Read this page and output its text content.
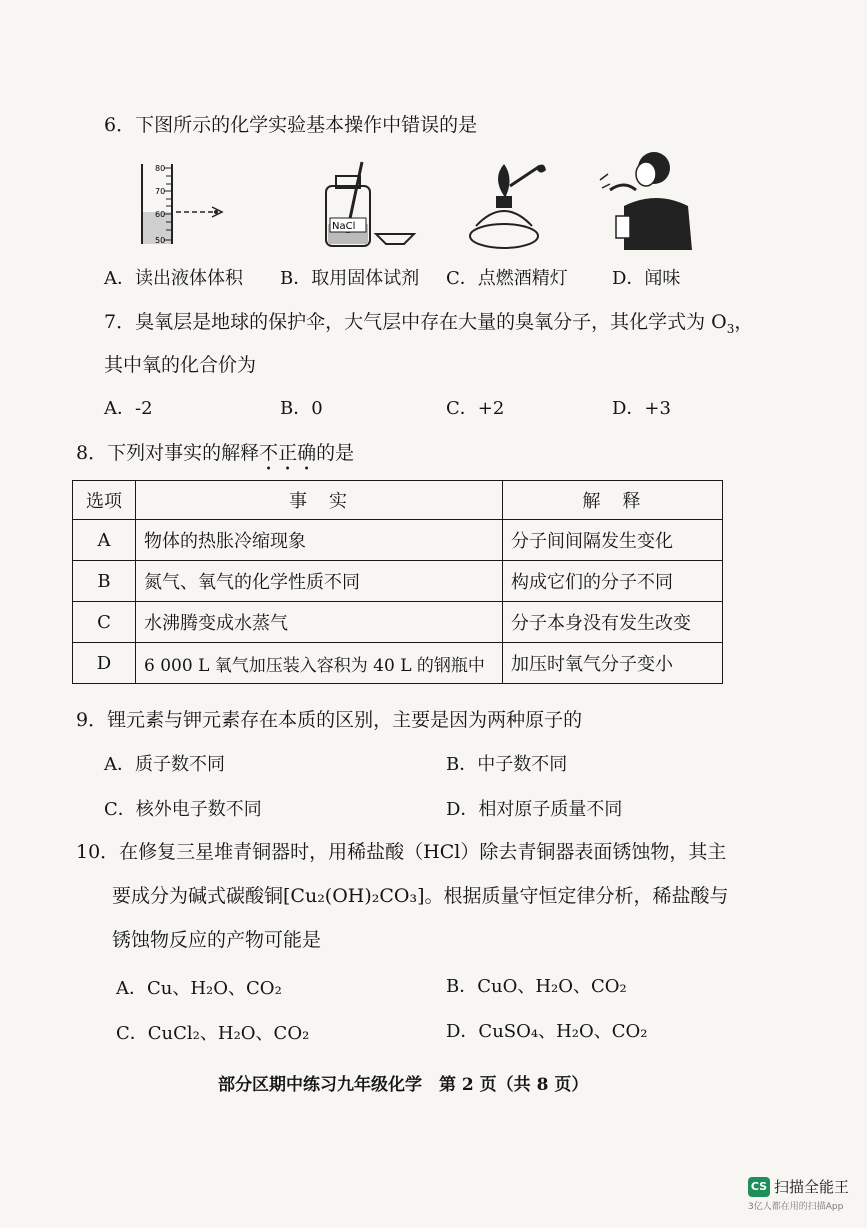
6．下图所示的化学实验基本操作中错误的是
80
70
60
50
NaCl
A．读出液体体积 B．取用固体试剂 C．点燃酒精灯 D．闻味
7．臭氧层是地球的保护伞，大气层中存在大量的臭氧分子，其化学式为 $O_3$，
其中氧的化合价为
A．-2	B．0	C．+2	D．+3
8．下列对事实的解释不正确的是
选项	事　实	解　释
A	物体的热胀冷缩现象	分子间间隔发生变化
B	氮气、氧气的化学性质不同	构成它们的分子不同
C	水沸腾变成水蒸气	分子本身没有发生改变
D	6 000 L 氧气加压装入容积为 40 L 的钢瓶中	加压时氧气分子变小
9．锂元素与钾元素存在本质的区别，主要是因为两种原子的
A．质子数不同	B．中子数不同
C．核外电子数不同	D．相对原子质量不同
10．在修复三星堆青铜器时，用稀盐酸（HCl）除去青铜器表面锈蚀物，其主
要成分为碱式碳酸铜[Cu₂(OH)₂CO₃]。根据质量守恒定律分析，稀盐酸与
锈蚀物反应的产物可能是
A．Cu、H₂O、CO₂	B．CuO、H₂O、CO₂
C．CuCl₂、H₂O、CO₂	D．CuSO₄、H₂O、CO₂
部分区期中练习九年级化学　第 2 页（共 8 页）
CS 扫描全能王
3亿人都在用的扫描App
